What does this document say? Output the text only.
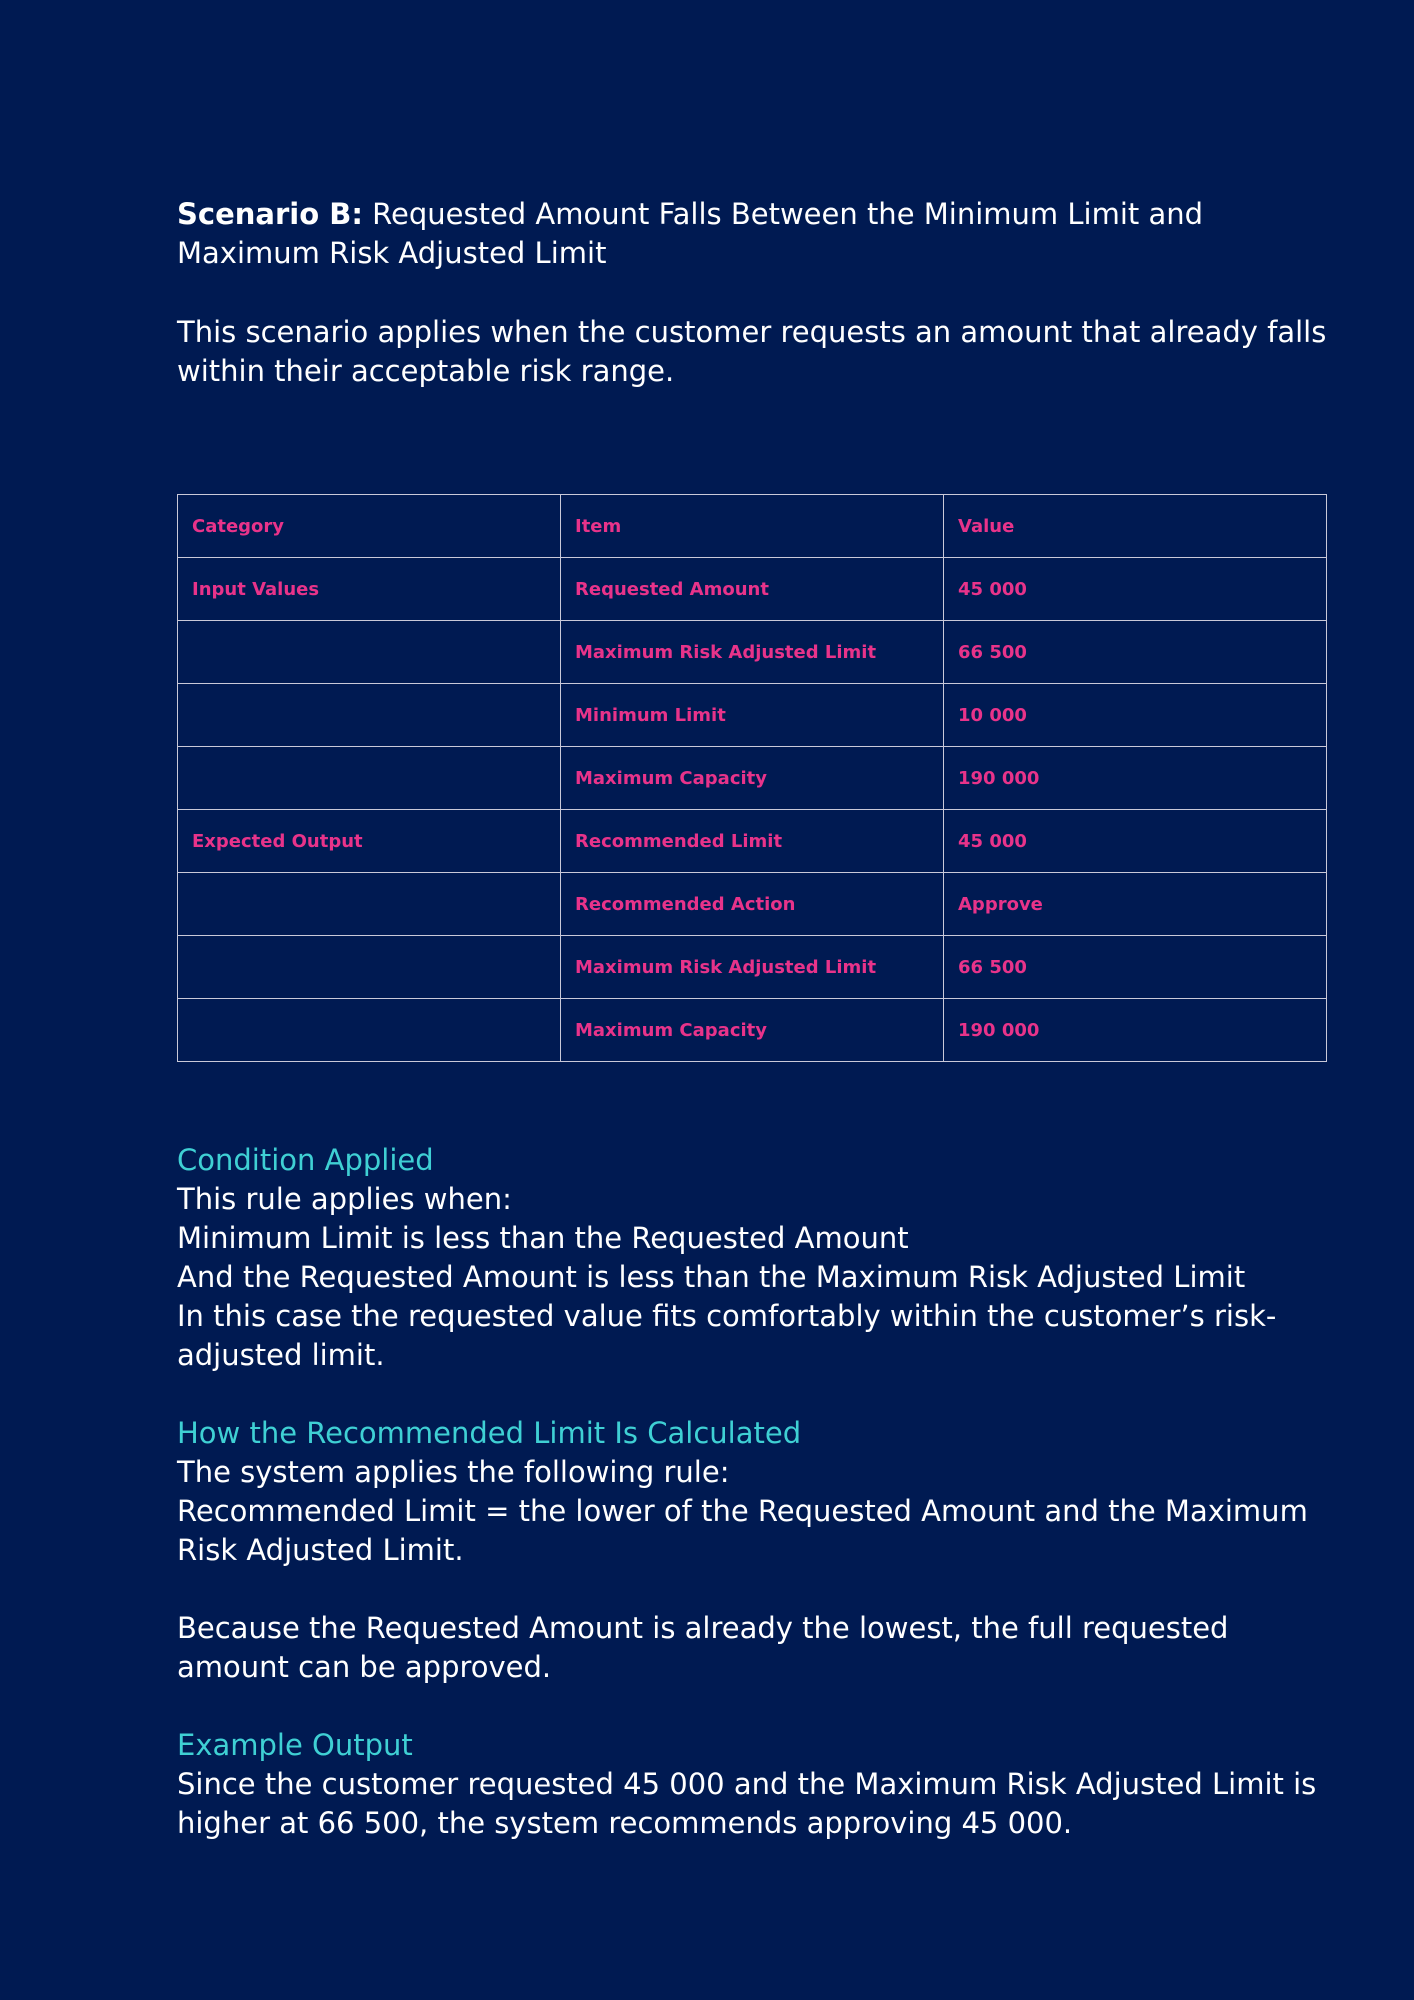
Scenario B: Requested Amount Falls Between the Minimum Limit and Maximum Risk Adjusted Limit

This scenario applies when the customer requests an amount that already falls within their acceptable risk range.

Category	Item	Value
Input Values	Requested Amount	45 000
	Maximum Risk Adjusted Limit	66 500
	Minimum Limit	10 000
	Maximum Capacity	190 000
Expected Output	Recommended Limit	45 000
	Recommended Action	Approve
	Maximum Risk Adjusted Limit	66 500
	Maximum Capacity	190 000

Condition Applied

This rule applies when:

Minimum Limit is less than the Requested Amount

And the Requested Amount is less than the Maximum Risk Adjusted Limit

In this case the requested value fits comfortably within the customer’s risk-adjusted limit.

How the Recommended Limit Is Calculated

The system applies the following rule:

Recommended Limit = the lower of the Requested Amount and the Maximum Risk Adjusted Limit.

Because the Requested Amount is already the lowest, the full requested amount can be approved.

Example Output

Since the customer requested 45 000 and the Maximum Risk Adjusted Limit is higher at 66 500, the system recommends approving 45 000.
